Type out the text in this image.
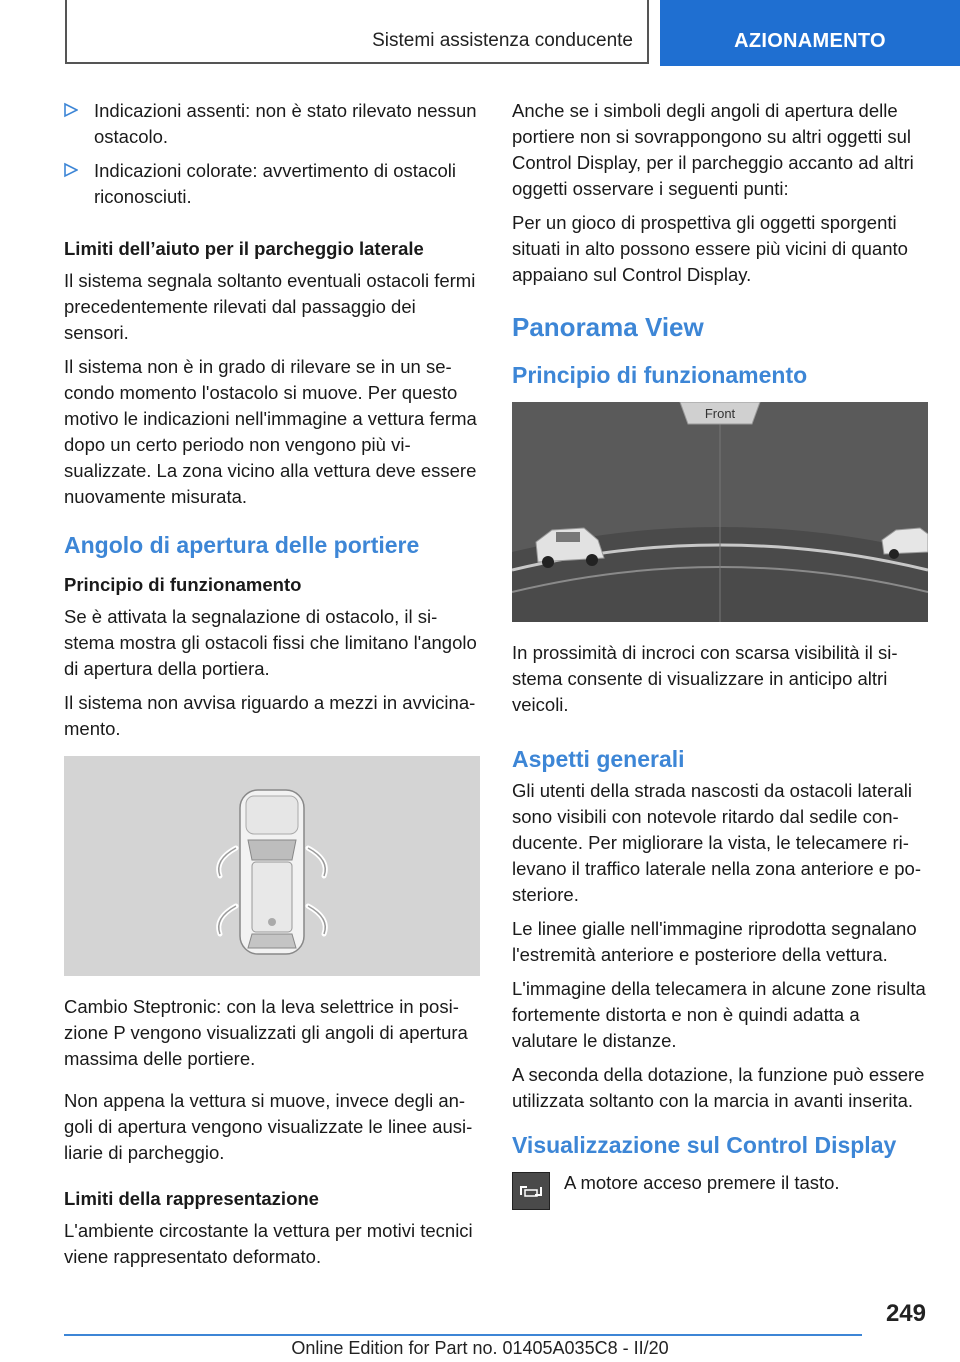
Sistemi assistenza conducente	AZIONAMENTO
Indicazioni assenti: non è stato rilevato nessun ostacolo.
Indicazioni colorate: avvertimento di ostacoli riconosciuti.
Limiti dell’aiuto per il parcheggio laterale
Il sistema segnala soltanto eventuali ostacoli fermi precedentemente rilevati dal passaggio dei sensori.
Il sistema non è in grado di rilevare se in un secondo momento l'ostacolo si muove. Per questo motivo le indicazioni nell'immagine a vettura ferma dopo un certo periodo non vengono più visualizzate. La zona vicino alla vettura deve essere nuovamente misurata.
Angolo di apertura delle portiere
Principio di funzionamento
Se è attivata la segnalazione di ostacolo, il sistema mostra gli ostacoli fissi che limitano l'angolo di apertura della portiera.
Il sistema non avvisa riguardo a mezzi in avvicinamento.
Cambio Steptronic: con la leva selettrice in posizione P vengono visualizzati gli angoli di apertura massima delle portiere.
Non appena la vettura si muove, invece degli angoli di apertura vengono visualizzate le linee ausiliarie di parcheggio.
Limiti della rappresentazione
L'ambiente circostante la vettura per motivi tecnici viene rappresentato deformato.
Anche se i simboli degli angoli di apertura delle portiere non si sovrappongono su altri oggetti sul Control Display, per il parcheggio accanto ad altri oggetti osservare i seguenti punti:
Per un gioco di prospettiva gli oggetti sporgenti situati in alto possono essere più vicini di quanto appaiano sul Control Display.
Panorama View
Principio di funzionamento
Front
In prossimità di incroci con scarsa visibilità il sistema consente di visualizzare in anticipo altri veicoli.
Aspetti generali
Gli utenti della strada nascosti da ostacoli laterali sono visibili con notevole ritardo dal sedile conducente. Per migliorare la vista, le telecamere rilevano il traffico laterale nella zona anteriore e posteriore.
Le linee gialle nell'immagine riprodotta segnalano l'estremità anteriore e posteriore della vettura.
L'immagine della telecamera in alcune zone risulta fortemente distorta e non è quindi adatta a valutare le distanze.
A seconda della dotazione, la funzione può essere utilizzata soltanto con la marcia in avanti inserita.
Visualizzazione sul Control Display
A motore acceso premere il tasto.
249
Online Edition for Part no. 01405A035C8 - II/20
